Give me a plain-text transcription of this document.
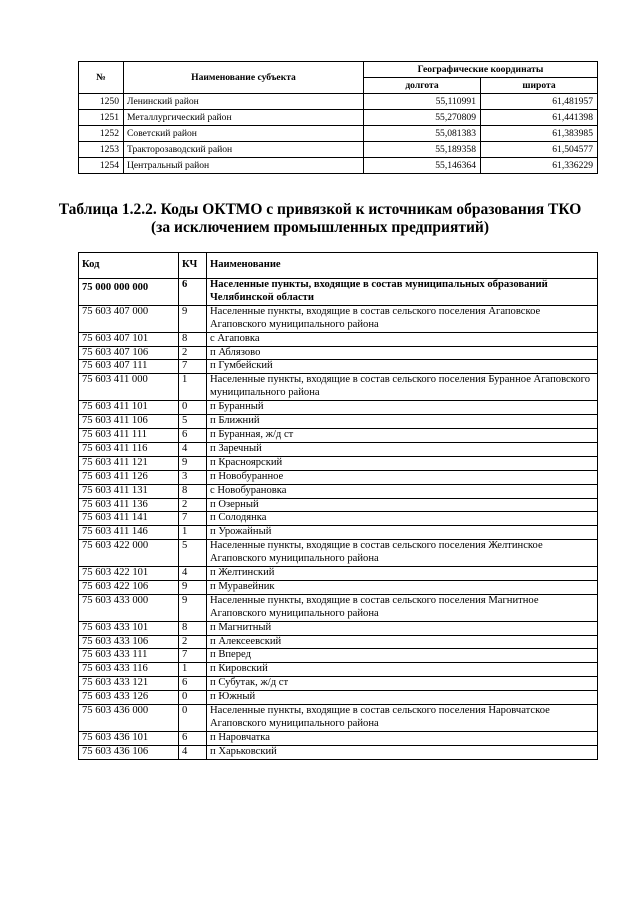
№	Наименование субъекта	Географические координаты	
		долгота	широта
1250	Ленинский район	55,110991	61,481957
1251	Металлургический район	55,270809	61,441398
1252	Советский район	55,081383	61,383985
1253	Тракторозаводский район	55,189358	61,504577
1254	Центральный район	55,146364	61,336229
Таблица 1.2.2. Коды ОКТМО с привязкой к источникам образования ТКО
(за исключением промышленных предприятий)
Код	КЧ	Наименование
75 000 000 000	6	Населенные пункты, входящие в состав муниципальных образований Челябинской области
75 603 407 000	9	Населенные пункты, входящие в состав сельского поселения Агаповское Агаповского муниципального района
75 603 407 101	8	с Агаповка
75 603 407 106	2	п Аблязово
75 603 407 111	7	п Гумбейский
75 603 411 000	1	Населенные пункты, входящие в состав сельского поселения Буранное Агаповского муниципального района
75 603 411 101	0	п Буранный
75 603 411 106	5	п Ближний
75 603 411 111	6	п Буранная, ж/д ст
75 603 411 116	4	п Заречный
75 603 411 121	9	п Красноярский
75 603 411 126	3	п Новобуранное
75 603 411 131	8	с Новобурановка
75 603 411 136	2	п Озерный
75 603 411 141	7	п Солодянка
75 603 411 146	1	п Урожайный
75 603 422 000	5	Населенные пункты, входящие в состав сельского поселения Желтинское Агаповского муниципального района
75 603 422 101	4	п Желтинский
75 603 422 106	9	п Муравейник
75 603 433 000	9	Населенные пункты, входящие в состав сельского поселения Магнитное Агаповского муниципального района
75 603 433 101	8	п Магнитный
75 603 433 106	2	п Алексеевский
75 603 433 111	7	п Вперед
75 603 433 116	1	п Кировский
75 603 433 121	6	п Субутак, ж/д ст
75 603 433 126	0	п Южный
75 603 436 000	0	Населенные пункты, входящие в состав сельского поселения Наровчатское Агаповского муниципального района
75 603 436 101	6	п Наровчатка
75 603 436 106	4	п Харьковский
